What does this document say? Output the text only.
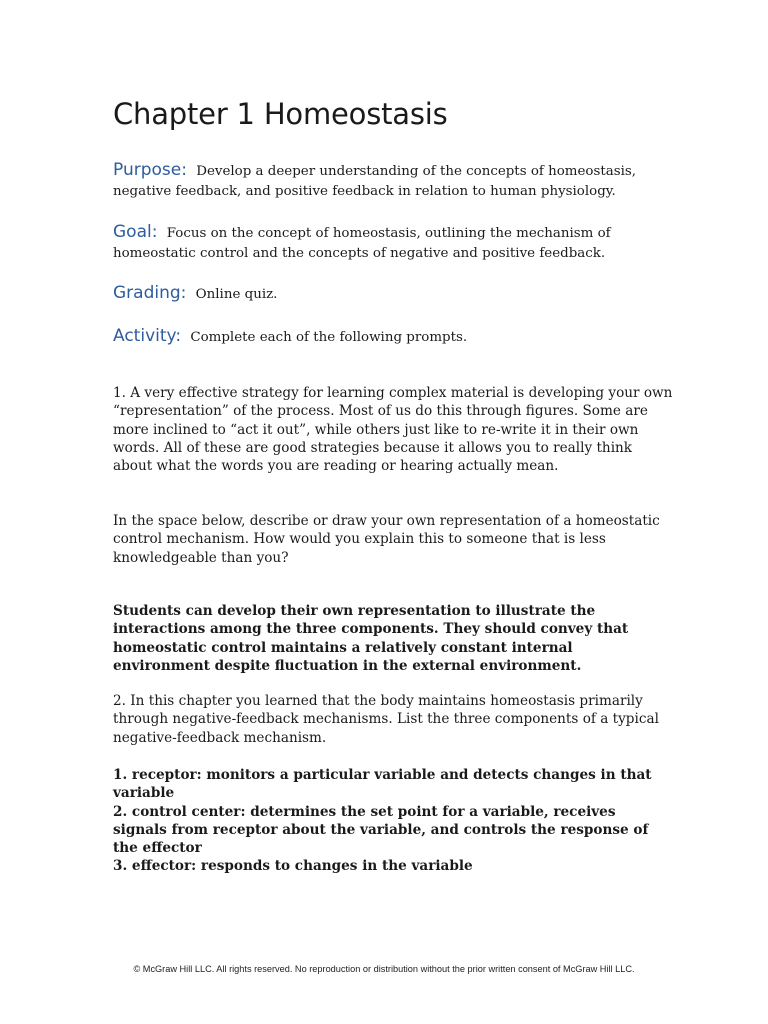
Chapter 1 Homeostasis

Purpose: Develop a deeper understanding of the concepts of homeostasis, negative feedback, and positive feedback in relation to human physiology.

Goal: Focus on the concept of homeostasis, outlining the mechanism of homeostatic control and the concepts of negative and positive feedback.

Grading: Online quiz.

Activity: Complete each of the following prompts.

1. A very effective strategy for learning complex material is developing your own “representation” of the process. Most of us do this through figures. Some are more inclined to “act it out”, while others just like to re-write it in their own words. All of these are good strategies because it allows you to really think about what the words you are reading or hearing actually mean.

In the space below, describe or draw your own representation of a homeostatic control mechanism. How would you explain this to someone that is less knowledgeable than you?

Students can develop their own representation to illustrate the interactions among the three components. They should convey that homeostatic control maintains a relatively constant internal environment despite fluctuation in the external environment.

2. In this chapter you learned that the body maintains homeostasis primarily through negative-feedback mechanisms. List the three components of a typical negative-feedback mechanism.

1. receptor: monitors a particular variable and detects changes in that variable
2. control center: determines the set point for a variable, receives signals from receptor about the variable, and controls the response of the effector
3. effector: responds to changes in the variable
© McGraw Hill LLC. All rights reserved. No reproduction or distribution without the prior written consent of McGraw Hill LLC.
